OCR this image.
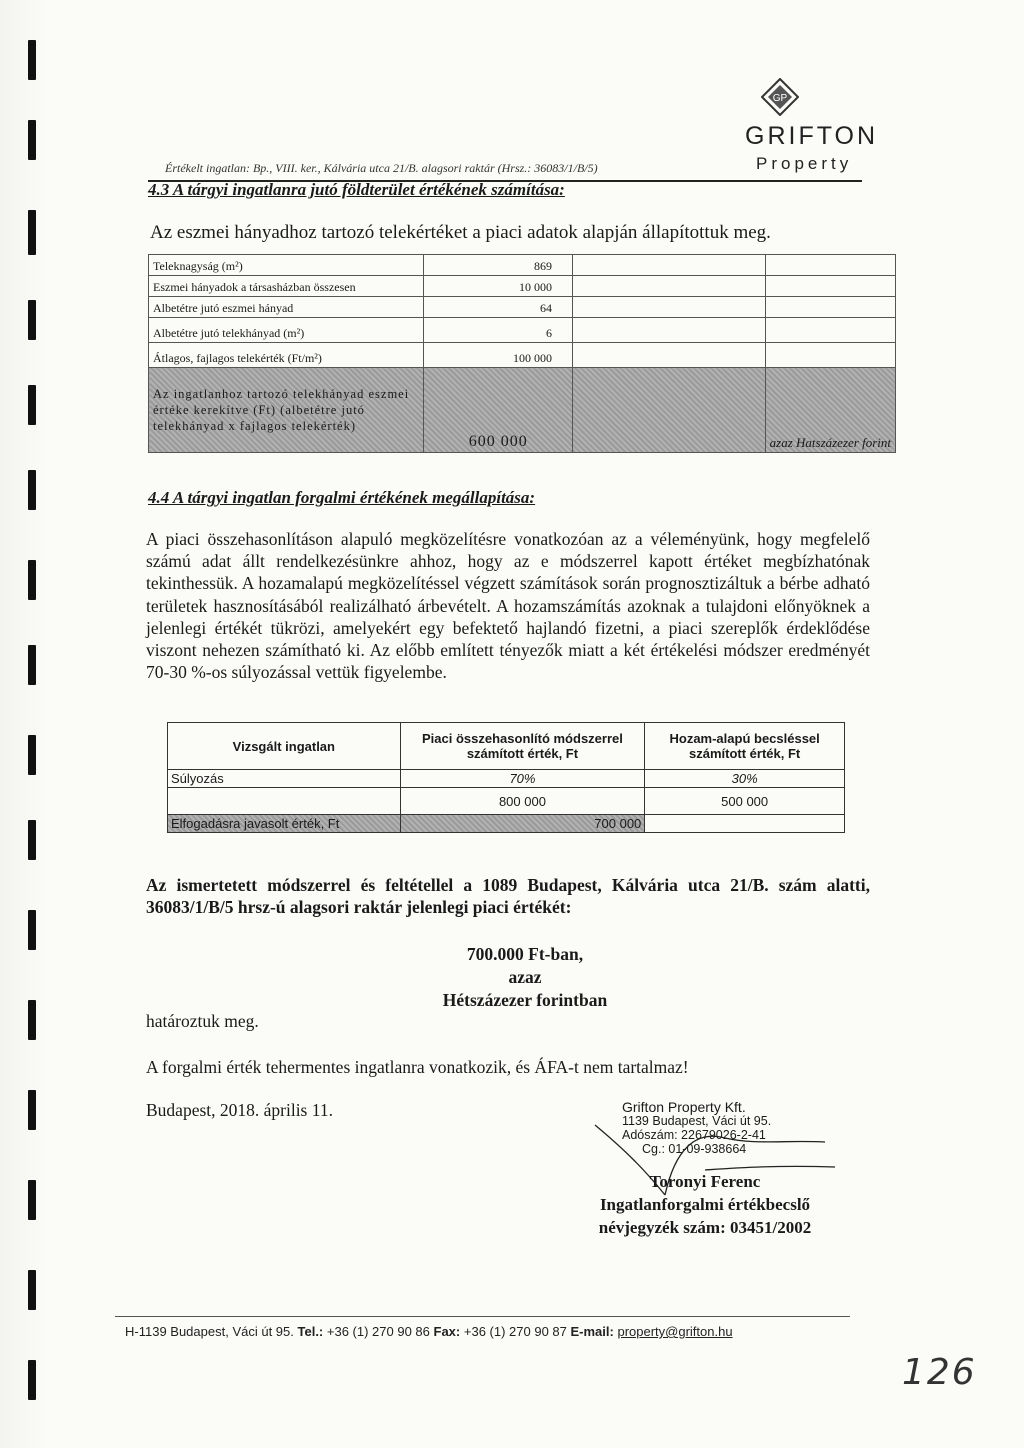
GP
GRIFTON
Property
Értékelt ingatlan: Bp., VIII. ker., Kálvária utca 21/B. alagsori raktár (Hrsz.: 36083/1/B/5)
4.3 A tárgyi ingatlanra jutó földterület értékének számítása:
Az eszmei hányadhoz tartozó telekértéket a piaci adatok alapján állapítottuk meg.
Teleknagyság (m²)	869		
Eszmei hányadok a társasházban összesen	10 000		
Albetétre jutó eszmei hányad	64		
Albetétre jutó telekhányad (m²)	6		
Átlagos, fajlagos telekérték (Ft/m²)	100 000		
Az ingatlanhoz tartozó telekhányad eszmei értéke kerekítve (Ft) (albetétre jutó telekhányad x fajlagos telekérték)	600 000		azaz Hatszázezer forint
4.4 A tárgyi ingatlan forgalmi értékének megállapítása:
A piaci összehasonlításon alapuló megközelítésre vonatkozóan az a véleményünk, hogy megfelelő számú adat állt rendelkezésünkre ahhoz, hogy az e módszerrel kapott értéket megbízhatónak tekinthessük. A hozamalapú megközelítéssel végzett számítások során prognosztizáltuk a bérbe adható területek hasznosításából realizálható árbevételt. A hozamszámítás azoknak a tulajdoni előnyöknek a jelenlegi értékét tükrözi, amelyekért egy befektető hajlandó fizetni, a piaci szereplők érdeklődése viszont nehezen számítható ki. Az előbb említett tényezők miatt a két értékelési módszer eredményét 70-30 %-os súlyozással vettük figyelembe.
Vizsgált ingatlan	Piaci összehasonlító módszerrel számított érték, Ft	Hozam-alapú becsléssel számított érték, Ft
Súlyozás	70%	30%
	800 000	500 000
Elfogadásra javasolt érték, Ft	700 000	
Az ismertetett módszerrel és feltétellel a 1089 Budapest, Kálvária utca 21/B. szám alatti, 36083/1/B/5 hrsz-ú alagsori raktár jelenlegi piaci értékét:
700.000 Ft-ban,
azaz
Hétszázezer forintban
határoztuk meg.
A forgalmi érték tehermentes ingatlanra vonatkozik, és ÁFA-t nem tartalmaz!
Budapest, 2018. április 11.	Grifton Property Kft.
1139 Budapest, Váci út 95.
Adószám: 22679026-2-41
Cg.: 01-09-938664
Toronyi Ferenc
Ingatlanforgalmi értékbecslő
névjegyzék szám: 03451/2002
H-1139 Budapest, Váci út 95. Tel.: +36 (1) 270 90 86 Fax: +36 (1) 270 90 87 E-mail: property@grifton.hu
126
